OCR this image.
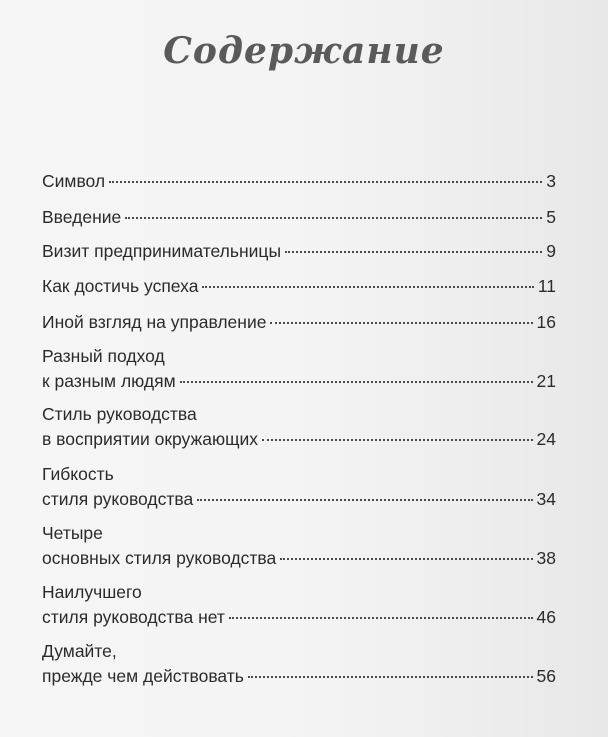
Содержание
Символ	3
Введение	5
Визит предпринимательницы	9
Как достичь успеха	11
Иной взгляд на управление	16
Разный подход
к разным людям	21
Стиль руководства
в восприятии окружающих	24
Гибкость
стиля руководства	34
Четыре
основных стиля руководства	38
Наилучшего
стиля руководства нет	46
Думайте,
прежде чем действовать	56
